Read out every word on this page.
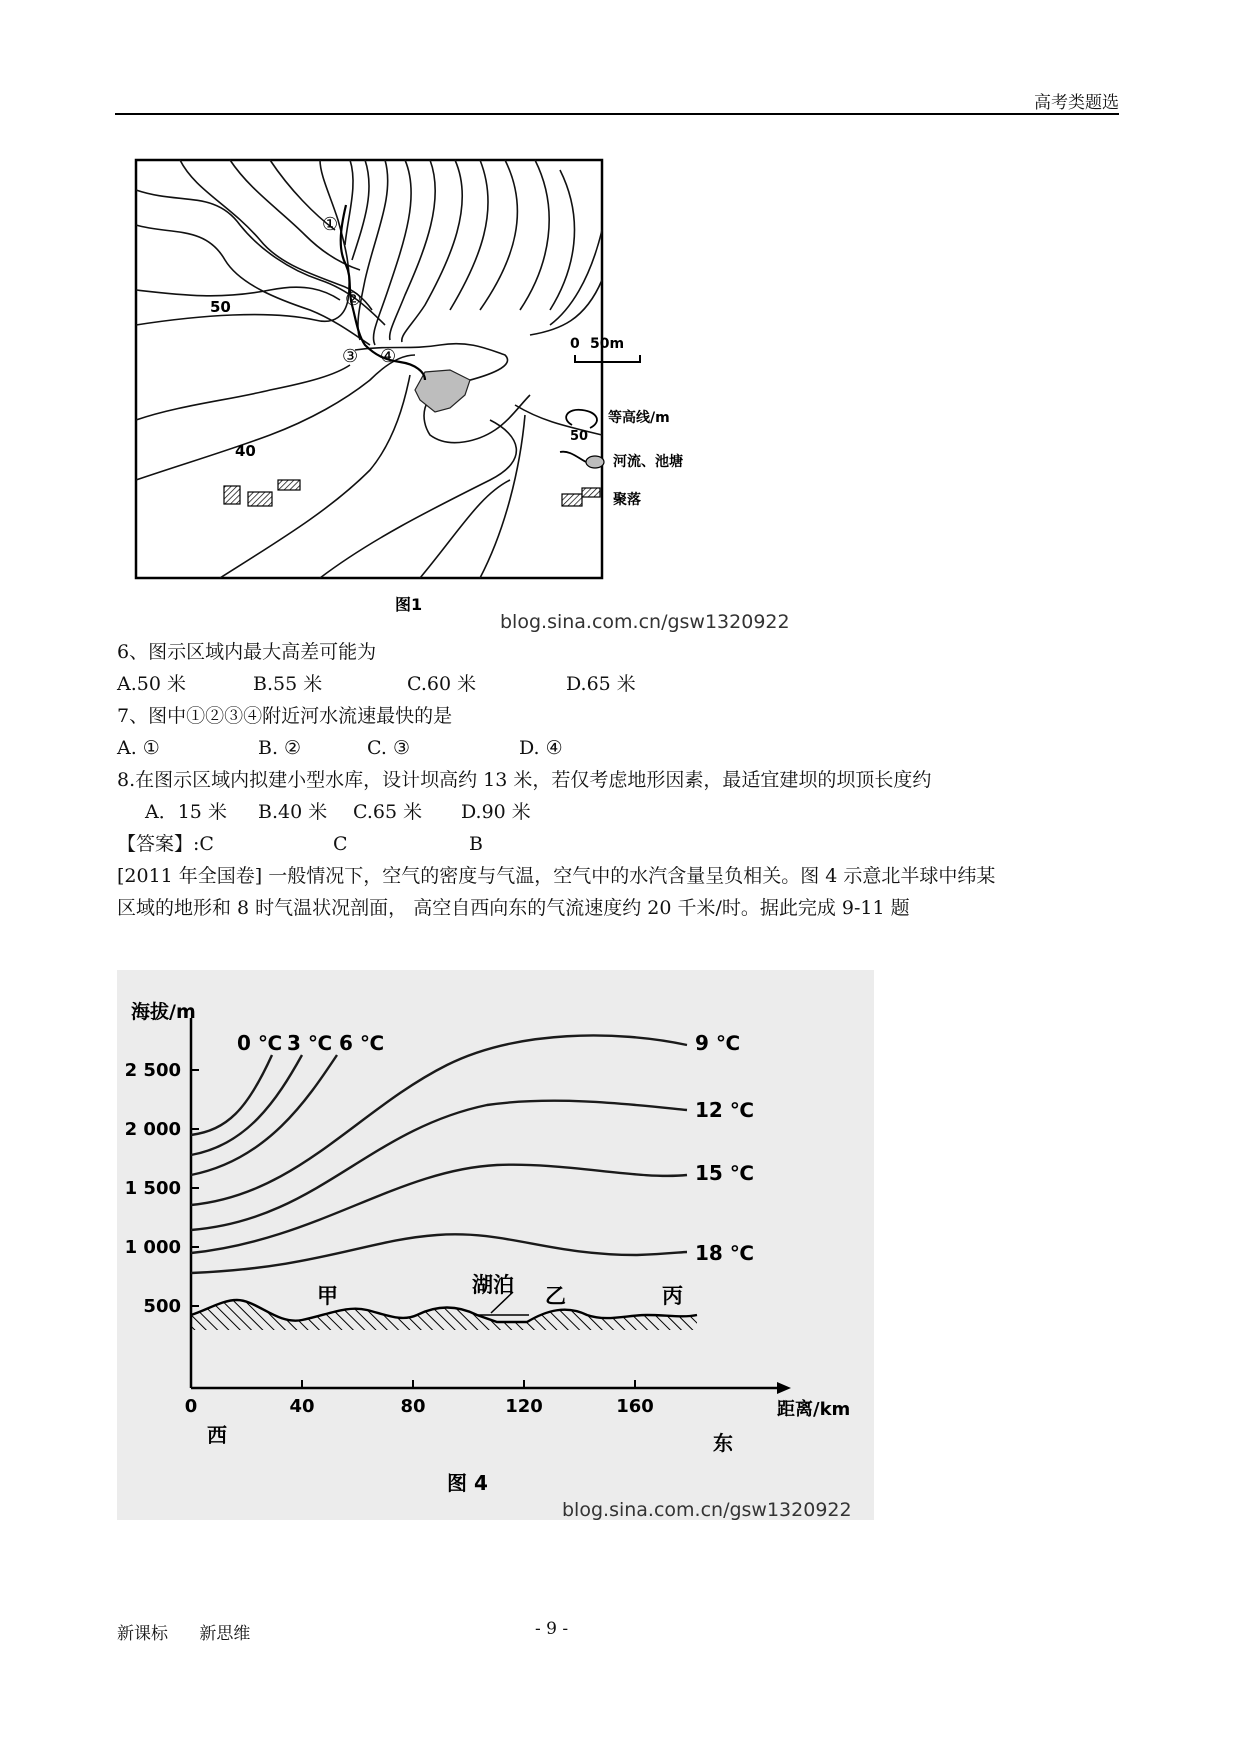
高考类题选
①
②
③ ④
50
40
0 50m
50
等高线/m
河流、池塘
聚落
图1
blog.sina.com.cn/gsw1320922
6、图示区域内最大高差可能为
A.50 米	B.55 米	C.60 米	D.65 米
7、图中①②③④附近河水流速最快的是
A. ①	B. ②	C. ③	D. ④
8.在图示区域内拟建小型水库，设计坝高约 13 米，若仅考虑地形因素，最适宜建坝的坝顶长度约
A．15 米 B.40 米 C.65 米 D.90 米
【答案】:C	C	B
[2011 年全国卷] 一般情况下，空气的密度与气温，空气中的水汽含量呈负相关。图 4 示意北半球中纬某
区域的地形和 8 时气温状况剖面， 高空自西向东的气流速度约 20 千米/时。据此完成 9-11 题
海拔/m
2 500
2 000
1 500
1 000
500
0	40	80	120	160	距离/km
西	东
0 ℃ 3 ℃ 6 ℃	9 ℃
12 ℃
15 ℃
18 ℃
甲	湖泊 乙	丙
图 4
blog.sina.com.cn/gsw1320922
新课标 新思维	- 9 -
